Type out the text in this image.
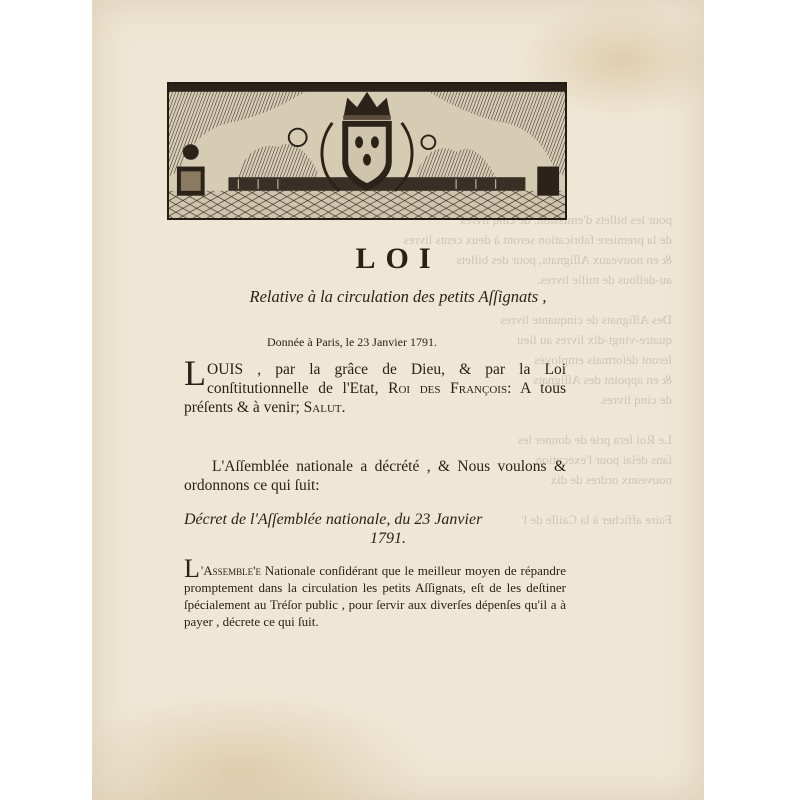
pour les billets
de la premiere fabrication seront à deux cents livres
& en nouveaux Aſſignats, pour des billets
au-deſſous de mille livres.

Des Aſſignats de cinquante livres
quatre-vingt-dix livres au lieu
ſeront déſormais employés
& en appoint des Aſſignats
de cinq livres.

Le Roi ſera prié de donner les
ſans délai pour l'exécution
nouveaux ordres de dix

Faire afficher à la Caiſſe de l'
LOI
Relative à la circulation des petits Aſſignats ,
Donnée à Paris, le 23 Janvier 1791.
LOUIS , par la grâce de Dieu, & par la Loi conſtitutionnelle de l'Etat, Roi des François: A tous préſents & à venir; Salut.
L'Aſſemblée nationale a décrété , & Nous voulons & ordonnons ce qui ſuit:
Décret de l'Aſſemblée nationale, du 23 Janvier
1791.
L 'Assemble'e Nationale conſidérant que le meilleur moyen de répandre promptement dans la circulation les petits Aſſignats, eſt de les deſtiner ſpécialement au Tréſor public , pour ſervir aux diverſes dépenſes qu'il a à payer , décrete ce qui ſuit.
